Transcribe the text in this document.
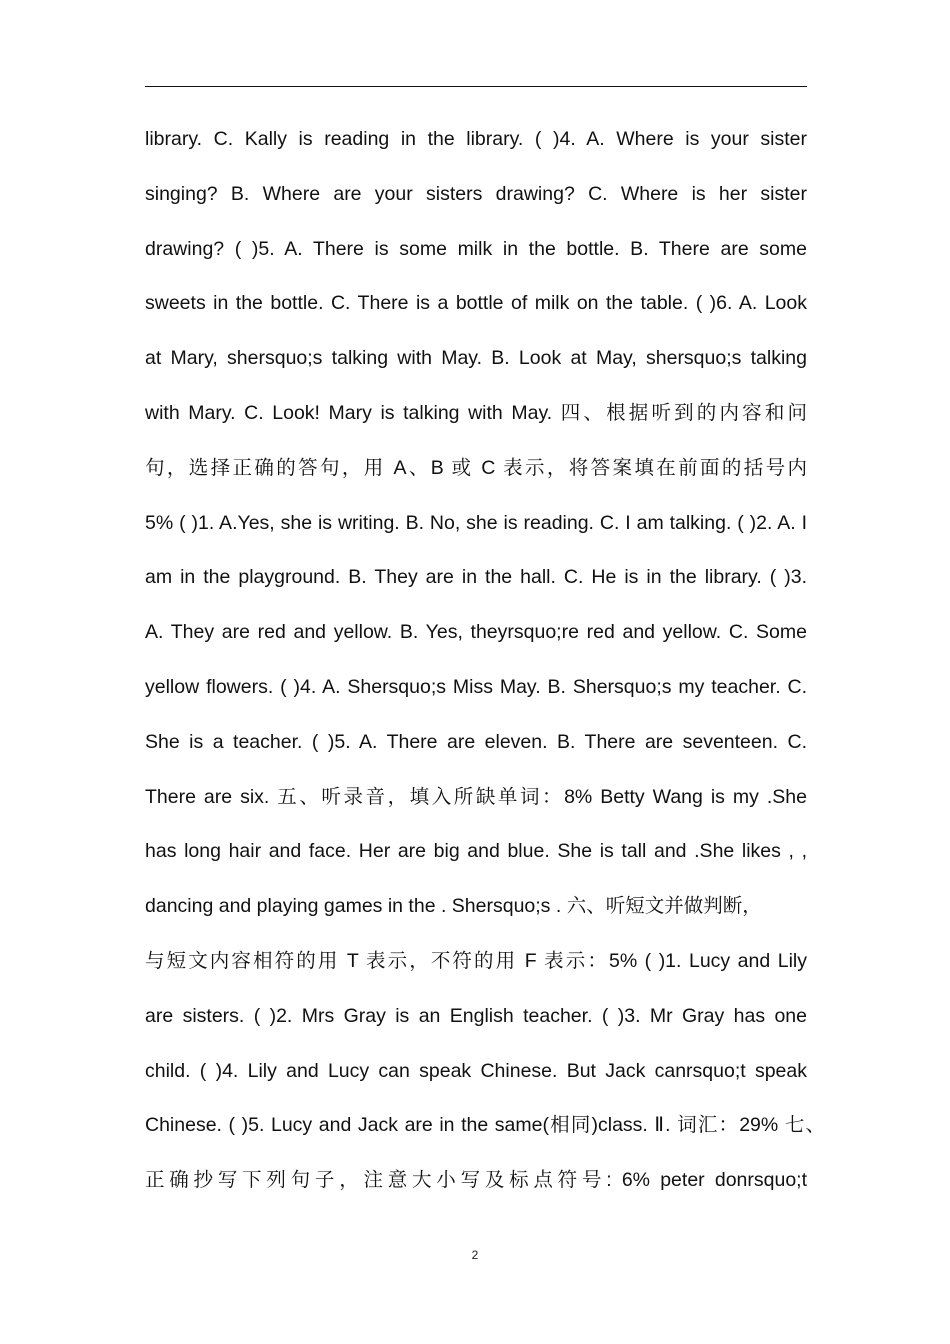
library. C. Kally is reading in the library. ( )4. A. Where is your sister
singing? B. Where are your sisters drawing? C. Where is her sister
drawing? ( )5. A. There is some milk in the bottle. B. There are some
sweets in the bottle. C. There is a bottle of milk on the table. ( )6. A. Look
at Mary, shersquo;s talking with May. B. Look at May, shersquo;s talking
with Mary. C. Look! Mary is talking with May. 四、根据听到的内容和问
句，选择正确的答句，用 A、B 或 C 表示，将答案填在前面的括号内
5% ( )1. A.Yes, she is writing. B. No, she is reading. C. I am talking. ( )2. A. I
am in the playground. B. They are in the hall. C. He is in the library. ( )3.
A. They are red and yellow. B. Yes, theyrsquo;re red and yellow. C. Some
yellow flowers. ( )4. A. Shersquo;s Miss May. B. Shersquo;s my teacher. C.
She is a teacher. ( )5. A. There are eleven. B. There are seventeen. C.
There are six. 五、听录音，填入所缺单词：8% Betty Wang is my .She
has long hair and face. Her are big and blue. She is tall and .She likes , ,
dancing and playing games in the . Shersquo;s . 六、听短文并做判断，
与短文内容相符的用 T 表示，不符的用 F 表示：5% ( )1. Lucy and Lily
are sisters. ( )2. Mrs Gray is an English teacher. ( )3. Mr Gray has one
child. ( )4. Lily and Lucy can speak Chinese. But Jack canrsquo;t speak
Chinese. ( )5. Lucy and Jack are in the same(相同)class. Ⅱ. 词汇：29% 七、
正确抄写下列句子，注意大小写及标点符号: 6% peter donrsquo;t
2
